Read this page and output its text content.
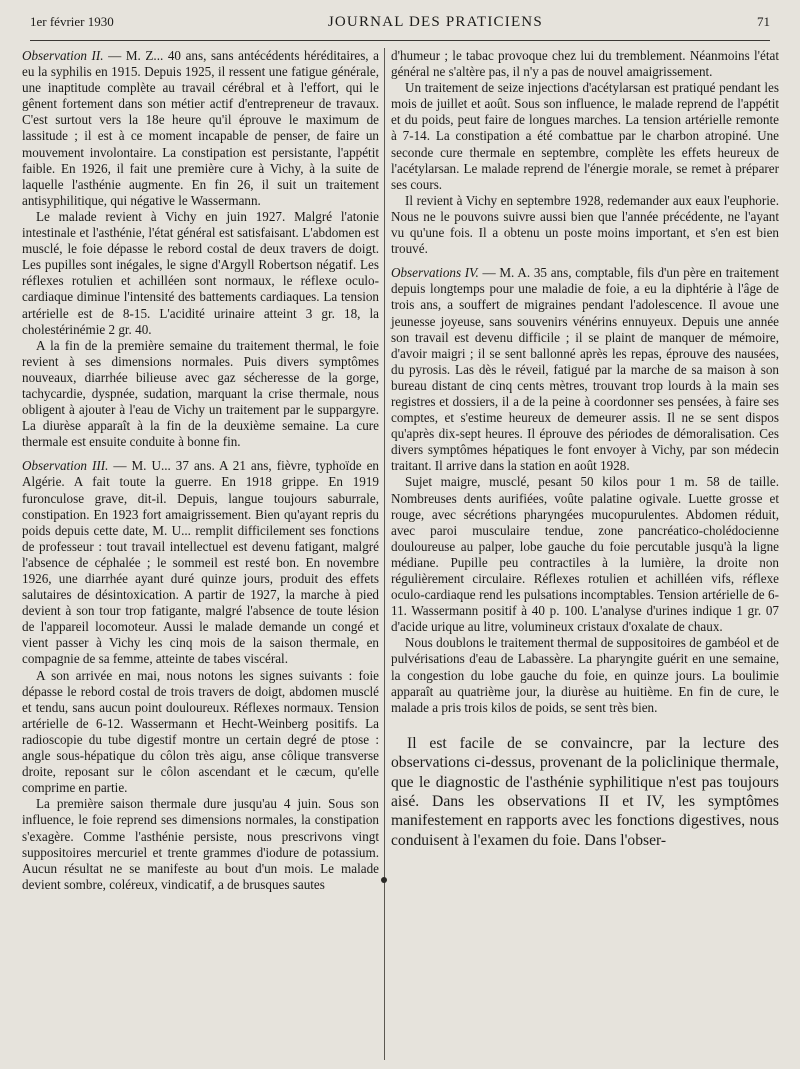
1er février 1930	JOURNAL DES PRATICIENS	71

Observation II. — M. Z... 40 ans, sans antécédents héréditaires, a eu la syphilis en 1915. Depuis 1925, il ressent une fatigue générale, une inaptitude complète au travail cérébral et à l'effort, qui le gênent fortement dans son métier actif d'entrepreneur de travaux. C'est surtout vers la 18e heure qu'il éprouve le maximum de lassitude ; il est à ce moment incapable de penser, de faire un mouvement involontaire. La constipation est persistante, l'appétit faible. En 1926, il fait une première cure à Vichy, à la suite de laquelle l'asthénie augmente. En fin 26, il suit un traitement antisyphilitique, qui négative le Wassermann.

Le malade revient à Vichy en juin 1927. Malgré l'atonie intestinale et l'asthénie, l'état général est satisfaisant. L'abdomen est musclé, le foie dépasse le rebord costal de deux travers de doigt. Les pupilles sont inégales, le signe d'Argyll Robertson négatif. Les réflexes rotulien et achilléen sont normaux, le réflexe oculo-cardiaque diminue l'intensité des battements cardiaques. La tension artérielle est de 8-15. L'acidité urinaire atteint 3 gr. 18, la cholestérinémie 2 gr. 40.

A la fin de la première semaine du traitement thermal, le foie revient à ses dimensions normales. Puis divers symptômes nouveaux, diarrhée bilieuse avec gaz sécheresse de la gorge, tachycardie, dyspnée, sudation, marquant la crise thermale, nous obligent à ajouter à l'eau de Vichy un traitement par le suppargyre. La diurèse apparaît à la fin de la deuxième semaine. La cure thermale est ensuite conduite à bonne fin.

Observation III. — M. U... 37 ans. A 21 ans, fièvre, typhoïde en Algérie. A fait toute la guerre. En 1918 grippe. En 1919 furonculose grave, dit-il. Depuis, langue toujours saburrale, constipation. En 1923 fort amaigrissement. Bien qu'ayant repris du poids depuis cette date, M. U... remplit difficilement ses fonctions de professeur : tout travail intellectuel est devenu fatigant, malgré l'absence de céphalée ; le sommeil est resté bon. En novembre 1926, une diarrhée ayant duré quinze jours, produit des effets salutaires de désintoxication. A partir de 1927, la marche à pied devient à son tour trop fatigante, malgré l'absence de toute lésion de l'appareil locomoteur. Aussi le malade demande un congé et vient passer à Vichy les cinq mois de la saison thermale, en compagnie de sa femme, atteinte de tabes viscéral.

A son arrivée en mai, nous notons les signes suivants : foie dépasse le rebord costal de trois travers de doigt, abdomen musclé et tendu, sans aucun point douloureux. Réflexes normaux. Tension artérielle de 6-12. Wassermann et Hecht-Weinberg positifs. La radioscopie du tube digestif montre un certain degré de ptose : angle sous-hépatique du côlon très aigu, anse côlique transverse droite, reposant sur le côlon ascendant et le cæcum, qu'elle comprime en partie.

La première saison thermale dure jusqu'au 4 juin. Sous son influence, le foie reprend ses dimensions normales, la constipation s'exagère. Comme l'asthénie persiste, nous prescrivons vingt suppositoires mercuriel et trente grammes d'iodure de potassium. Aucun résultat ne se manifeste au bout d'un mois. Le malade devient sombre, coléreux, vindicatif, a de brusques sautes

d'humeur ; le tabac provoque chez lui du tremblement. Néanmoins l'état général ne s'altère pas, il n'y a pas de nouvel amaigrissement.

Un traitement de seize injections d'acétylarsan est pratiqué pendant les mois de juillet et août. Sous son influence, le malade reprend de l'appétit et du poids, peut faire de longues marches. La tension artérielle remonte à 7-14. La constipation a été combattue par le charbon atropiné. Une seconde cure thermale en septembre, complète les effets heureux de l'acétylarsan. Le malade reprend de l'énergie morale, se remet à préparer ses cours.

Il revient à Vichy en septembre 1928, redemander aux eaux l'euphorie. Nous ne le pouvons suivre aussi bien que l'année précédente, ne l'ayant vu qu'une fois. Il a obtenu un poste moins important, et s'en est bien trouvé.

Observations IV. — M. A. 35 ans, comptable, fils d'un père en traitement depuis longtemps pour une maladie de foie, a eu la diphtérie à l'âge de trois ans, a souffert de migraines pendant l'adolescence. Il avoue une jeunesse joyeuse, sans souvenirs vénérins ennuyeux. Depuis une année son travail est devenu difficile ; il se plaint de manquer de mémoire, d'avoir maigri ; il se sent ballonné après les repas, éprouve des nausées, du pyrosis. Las dès le réveil, fatigué par la marche de sa maison à son bureau distant de cinq cents mètres, trouvant trop lourds à la main ses registres et dossiers, il a de la peine à coordonner ses pensées, à faire ses comptes, et s'estime heureux de demeurer assis. Il ne se sent dispos qu'après dix-sept heures. Il éprouve des périodes de démoralisation. Ces divers symptômes hépatiques le font envoyer à Vichy, par son médecin traitant. Il arrive dans la station en août 1928.

Sujet maigre, musclé, pesant 50 kilos pour 1 m. 58 de taille. Nombreuses dents aurifiées, voûte palatine ogivale. Luette grosse et rouge, avec sécrétions pharyngées mucopurulentes. Abdomen réduit, avec paroi musculaire tendue, zone pancréatico-cholédocienne douloureuse au palper, lobe gauche du foie percutable jusqu'à la ligne médiane. Pupille peu contractiles à la lumière, la droite non régulièrement circulaire. Réflexes rotulien et achilléen vifs, réflexe oculo-cardiaque rend les pulsations incomptables. Tension artérielle de 6-11. Wassermann positif à 40 p. 100. L'analyse d'urines indique 1 gr. 07 d'acide urique au litre, volumineux cristaux d'oxalate de chaux.

Nous doublons le traitement thermal de suppositoires de gambéol et de pulvérisations d'eau de Labassère. La pharyngite guérit en une semaine, la congestion du lobe gauche du foie, en quinze jours. La boulimie apparaît au quatrième jour, la diurèse au huitième. En fin de cure, le malade a pris trois kilos de poids, se sent très bien.

Il est facile de se convaincre, par la lecture des observations ci-dessus, provenant de la policlinique thermale, que le diagnostic de l'asthénie syphilitique n'est pas toujours aisé. Dans les observations II et IV, les symptômes manifestement en rapports avec les fonctions digestives, nous conduisent à l'examen du foie. Dans l'obser-
